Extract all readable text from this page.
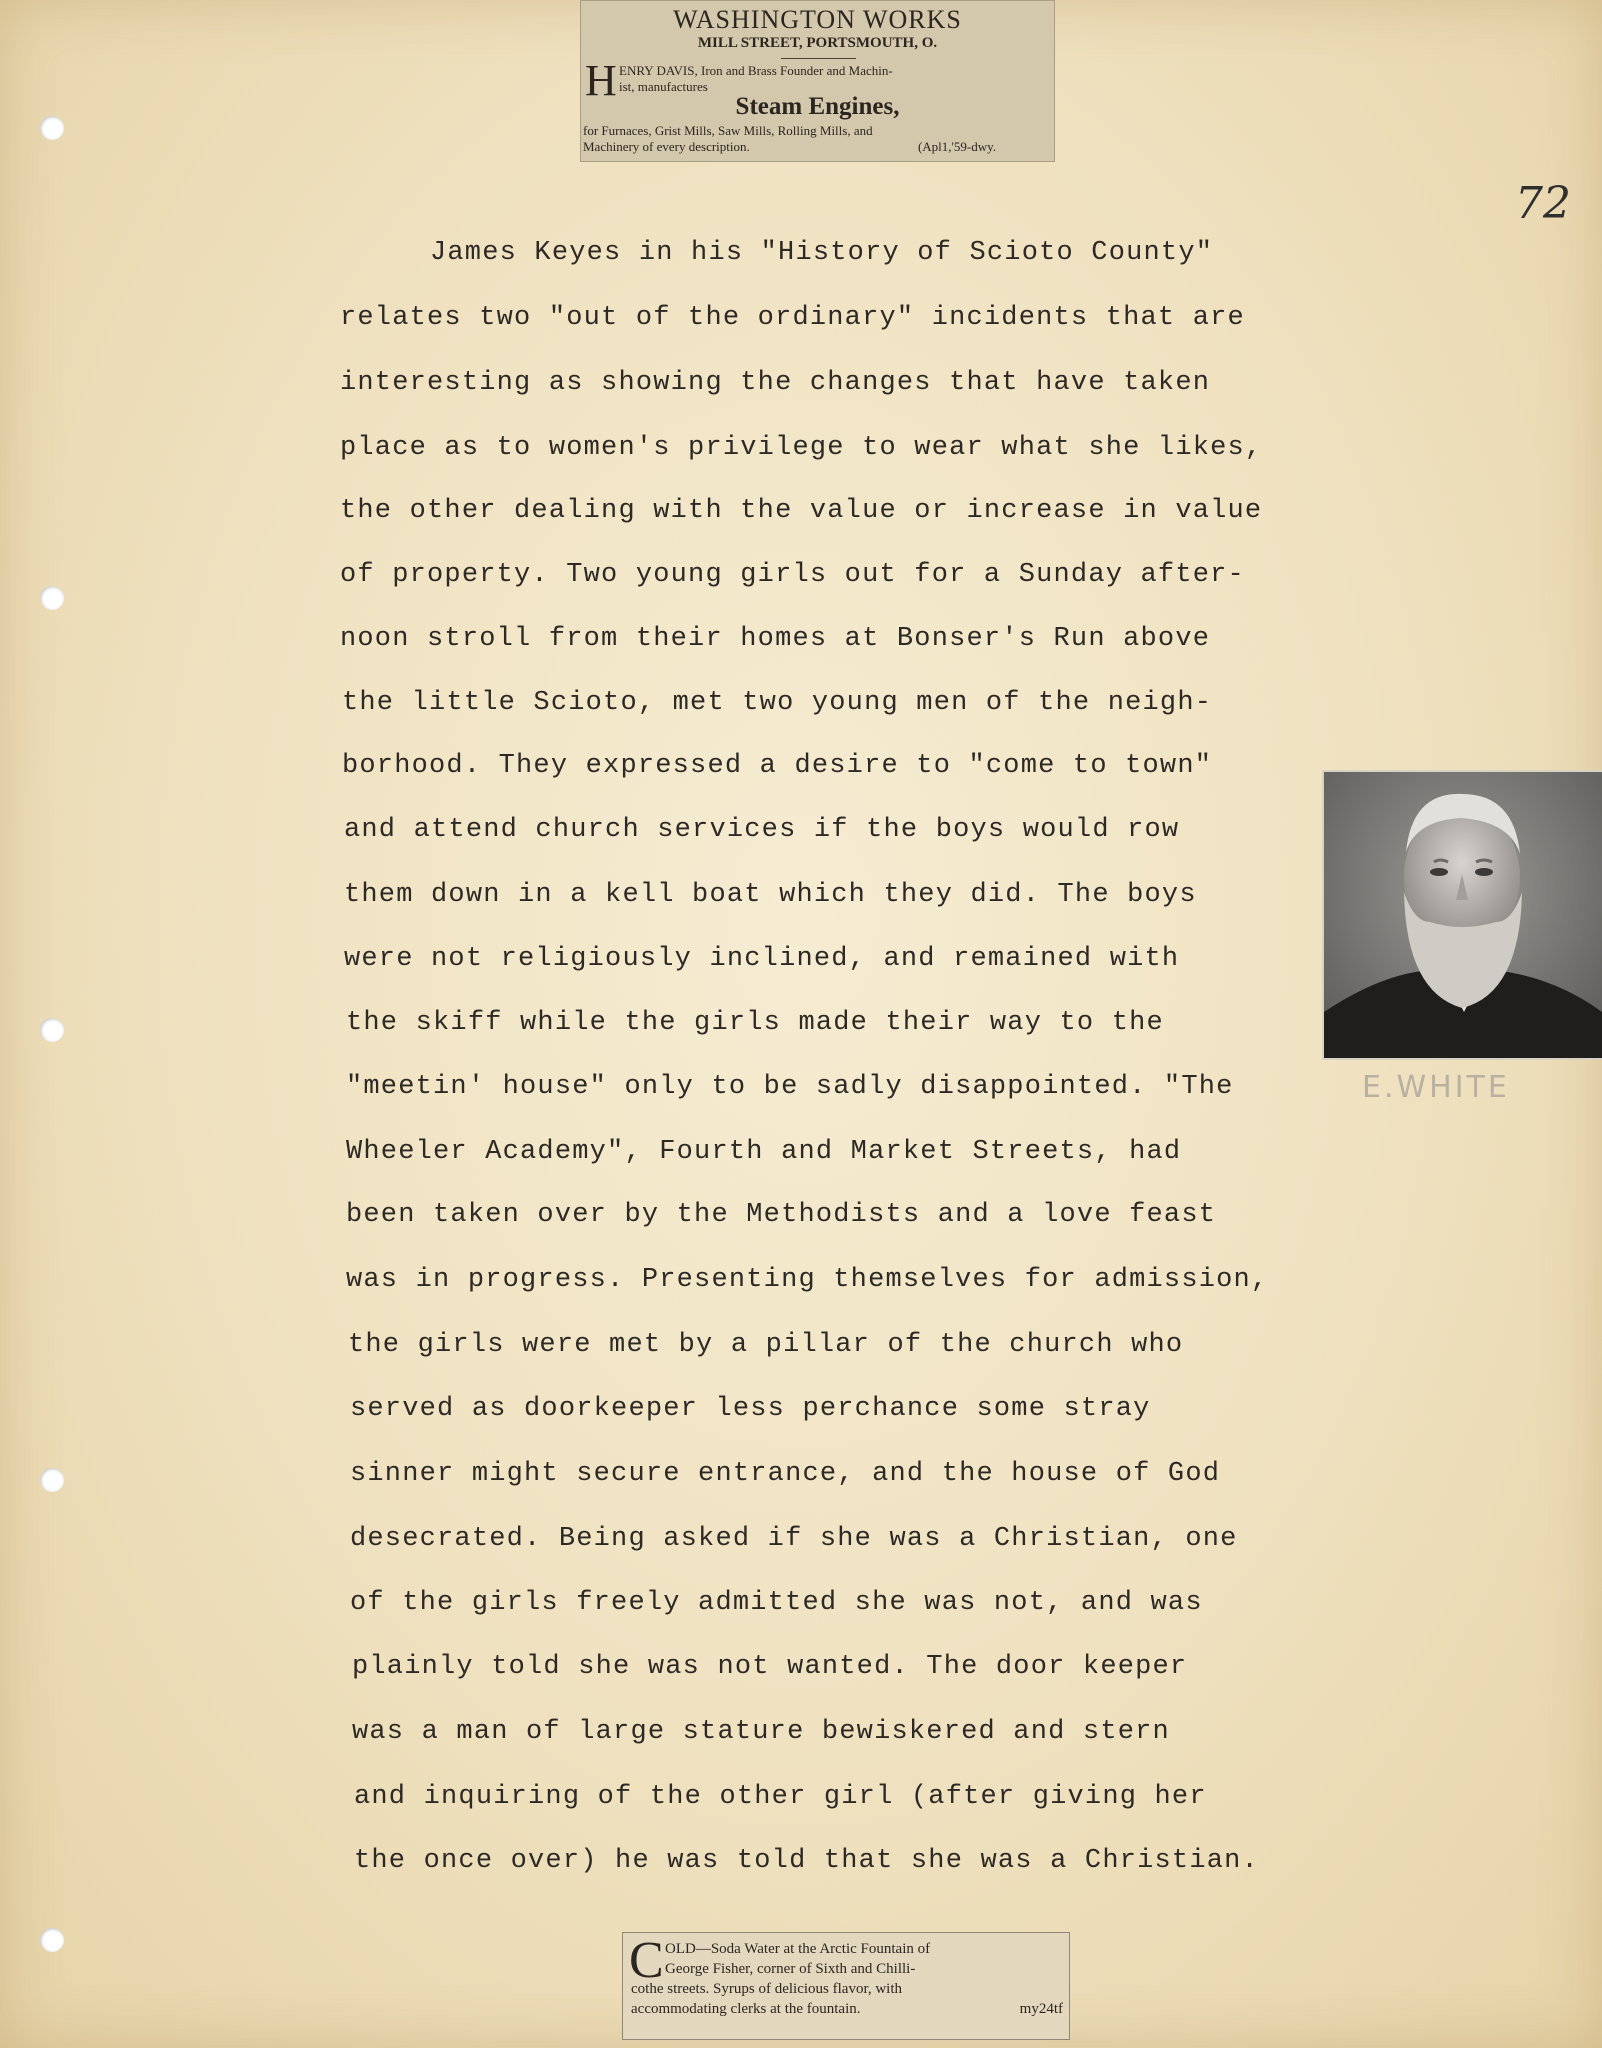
72
WASHINGTON WORKS
MILL STREET, PORTSMOUTH, O.
H ENRY DAVIS, Iron and Brass Founder and Machin-
ist, manufactures
Steam Engines,
for Furnaces, Grist Mills, Saw Mills, Rolling Mills, and
Machinery of every description.	(Apl1,'59-dwy.
James Keyes in his "History of Scioto County"
relates two "out of the ordinary" incidents that are
interesting as showing the changes that have taken
place as to women's privilege to wear what she likes,
the other dealing with the value or increase in value
of property. Two young girls out for a Sunday after-
noon stroll from their homes at Bonser's Run above
the little Scioto, met two young men of the neigh-
borhood. They expressed a desire to "come to town"
and attend church services if the boys would row
them down in a kell boat which they did. The boys
were not religiously inclined, and remained with
the skiff while the girls made their way to the
"meetin' house" only to be sadly disappointed. "The
Wheeler Academy", Fourth and Market Streets, had
been taken over by the Methodists and a love feast
was in progress. Presenting themselves for admission,
the girls were met by a pillar of the church who
served as doorkeeper less perchance some stray
sinner might secure entrance, and the house of God
desecrated. Being asked if she was a Christian, one
of the girls freely admitted she was not, and was
plainly told she was not wanted. The door keeper
was a man of large stature bewiskered and stern
and inquiring of the other girl (after giving her
the once over) he was told that she was a Christian.
E.WHITE
C OLD—Soda Water at the Arctic Fountain of
George Fisher, corner of Sixth and Chilli-
cothe streets. Syrups of delicious flavor, with
accommodating clerks at the fountain.	my24tf
